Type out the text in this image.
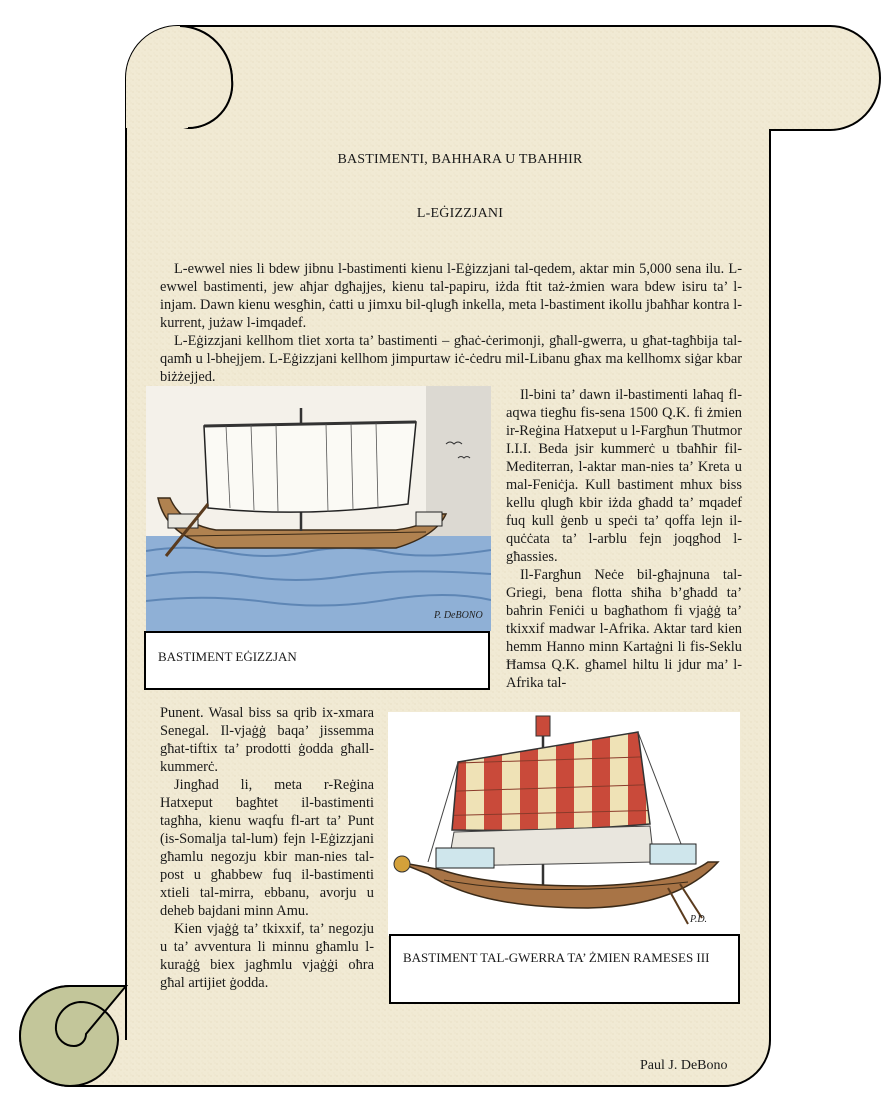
BASTIMENTI, BAHHARA U TBAHHIR
L-EĠIZZJANI

L-ewwel nies li bdew jibnu l-bastimenti kienu l-Eġizzjani tal-qedem, aktar min 5,000 sena ilu. L-ewwel bastimenti, jew aħjar dgħajjes, kienu tal-papiru, iżda ftit taż-żmien wara bdew isiru ta’ l-injam. Dawn kienu wesgħin, ċatti u jimxu bil-qlugħ inkella, meta l-bastiment ikollu jbaħħar kontra l-kurrent, jużaw l-imqadef.

L-Eġizzjani kellhom tliet xorta ta’ bastimenti – għaċ-ċerimonji, għall-gwerra, u għat-tagħbija tal-qamħ u l-bhejjem. L-Eġizzjani kellhom jimpurtaw iċ-ċedru mil-Libanu għax ma kellhomx siġar kbar biżżejjed.

P. DeBONO
BASTIMENT EĠIZZJAN

Il-bini ta’ dawn il-bastimenti laħaq fl-aqwa tiegħu fis-sena 1500 Q.K. fi żmien ir-Reġina Hatxeput u l-Fargħun Thutmor I.I.I. Beda jsir kummerċ u tbaħħir fil-Mediterran, l-aktar man-nies ta’ Kreta u mal-Feniċja. Kull bastiment mhux biss kellu qlugħ kbir iżda għadd ta’ mqadef fuq kull ġenb u speċi ta’ qoffa lejn il-quċċata ta’ l-arblu fejn joqgħod l-għassies.

Il-Fargħun Neċe bil-għajnuna tal-Griegi, bena flotta sħiħa b’għadd ta’ baħrin Feniċi u bagħathom fi vjaġġ ta’ tkixxif madwar l-Afrika. Aktar tard kien hemm Hanno minn Kartaġni li fis-Seklu Ħamsa Q.K. għamel hiltu li jdur ma’ l-Afrika tal-

Punent. Wasal biss sa qrib ix-xmara Senegal. Il-vjaġġ baqa’ jissemma għat-tiftix ta’ prodotti ġodda għall-kummerċ.

Jingħad li, meta r-Reġina Hatxeput bagħtet il-bastimenti tagħha, kienu waqfu fl-art ta’ Punt (is-Somalja tal-lum) fejn l-Eġizzjani għamlu negozju kbir man-nies tal-post u għabbew fuq il-bastimenti xtieli tal-mirra, ebbanu, avorju u deheb bajdani minn Amu.

Kien vjaġġ ta’ tkixxif, ta’ negozju u ta’ avventura li minnu għamlu l-kuraġġ biex jagħmlu vjaġġi oħra għal artijiet ġodda.

P.D.
BASTIMENT TAL-GWERRA TA’ ŻMIEN RAMESES III
Paul J. DeBono
